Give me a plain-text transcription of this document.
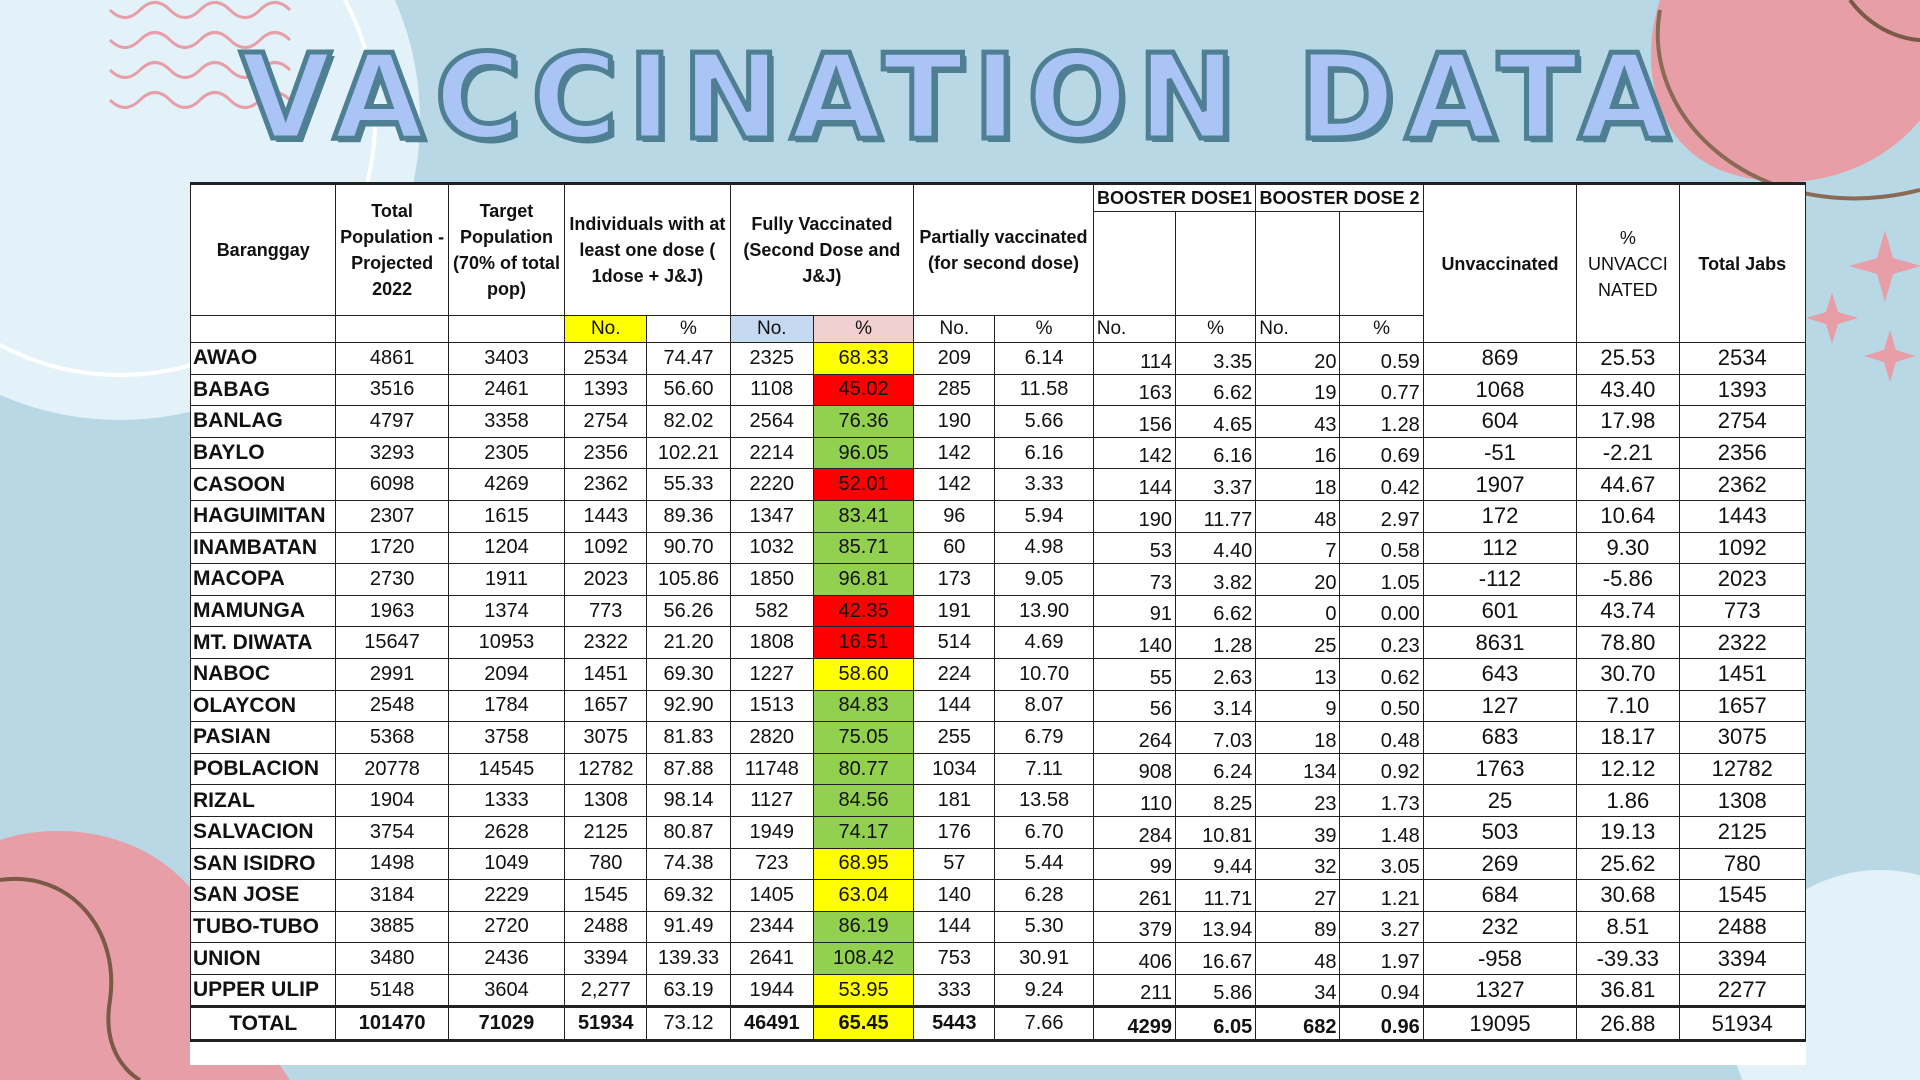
VACCINATION DATA
Baranggay	Total Population - Projected 2022	Target Population (70% of total pop)	Individuals with at least one dose ( 1dose + J&J)		Fully Vaccinated (Second Dose and J&J)		Partially vaccinated (for second dose)		BOOSTER DOSE1		BOOSTER DOSE 2		Unvaccinated	% UNVACCI NATED	Total Jabs

			No.	%	No.	%	No.	%	No.	%	No.	%			
AWAO	4861	3403	2534	74.47	2325	68.33	209	6.14	114	3.35	20	0.59	869	25.53	2534
BABAG	3516	2461	1393	56.60	1108	45.02	285	11.58	163	6.62	19	0.77	1068	43.40	1393
BANLAG	4797	3358	2754	82.02	2564	76.36	190	5.66	156	4.65	43	1.28	604	17.98	2754
BAYLO	3293	2305	2356	102.21	2214	96.05	142	6.16	142	6.16	16	0.69	-51	-2.21	2356
CASOON	6098	4269	2362	55.33	2220	52.01	142	3.33	144	3.37	18	0.42	1907	44.67	2362
HAGUIMITAN	2307	1615	1443	89.36	1347	83.41	96	5.94	190	11.77	48	2.97	172	10.64	1443
INAMBATAN	1720	1204	1092	90.70	1032	85.71	60	4.98	53	4.40	7	0.58	112	9.30	1092
MACOPA	2730	1911	2023	105.86	1850	96.81	173	9.05	73	3.82	20	1.05	-112	-5.86	2023
MAMUNGA	1963	1374	773	56.26	582	42.35	191	13.90	91	6.62	0	0.00	601	43.74	773
MT. DIWATA	15647	10953	2322	21.20	1808	16.51	514	4.69	140	1.28	25	0.23	8631	78.80	2322
NABOC	2991	2094	1451	69.30	1227	58.60	224	10.70	55	2.63	13	0.62	643	30.70	1451
OLAYCON	2548	1784	1657	92.90	1513	84.83	144	8.07	56	3.14	9	0.50	127	7.10	1657
PASIAN	5368	3758	3075	81.83	2820	75.05	255	6.79	264	7.03	18	0.48	683	18.17	3075
POBLACION	20778	14545	12782	87.88	11748	80.77	1034	7.11	908	6.24	134	0.92	1763	12.12	12782
RIZAL	1904	1333	1308	98.14	1127	84.56	181	13.58	110	8.25	23	1.73	25	1.86	1308
SALVACION	3754	2628	2125	80.87	1949	74.17	176	6.70	284	10.81	39	1.48	503	19.13	2125
SAN ISIDRO	1498	1049	780	74.38	723	68.95	57	5.44	99	9.44	32	3.05	269	25.62	780
SAN JOSE	3184	2229	1545	69.32	1405	63.04	140	6.28	261	11.71	27	1.21	684	30.68	1545
TUBO-TUBO	3885	2720	2488	91.49	2344	86.19	144	5.30	379	13.94	89	3.27	232	8.51	2488
UNION	3480	2436	3394	139.33	2641	108.42	753	30.91	406	16.67	48	1.97	-958	-39.33	3394
UPPER ULIP	5148	3604	2,277	63.19	1944	53.95	333	9.24	211	5.86	34	0.94	1327	36.81	2277
TOTAL	101470	71029	51934	73.12	46491	65.45	5443	7.66	4299	6.05	682	0.96	19095	26.88	51934
